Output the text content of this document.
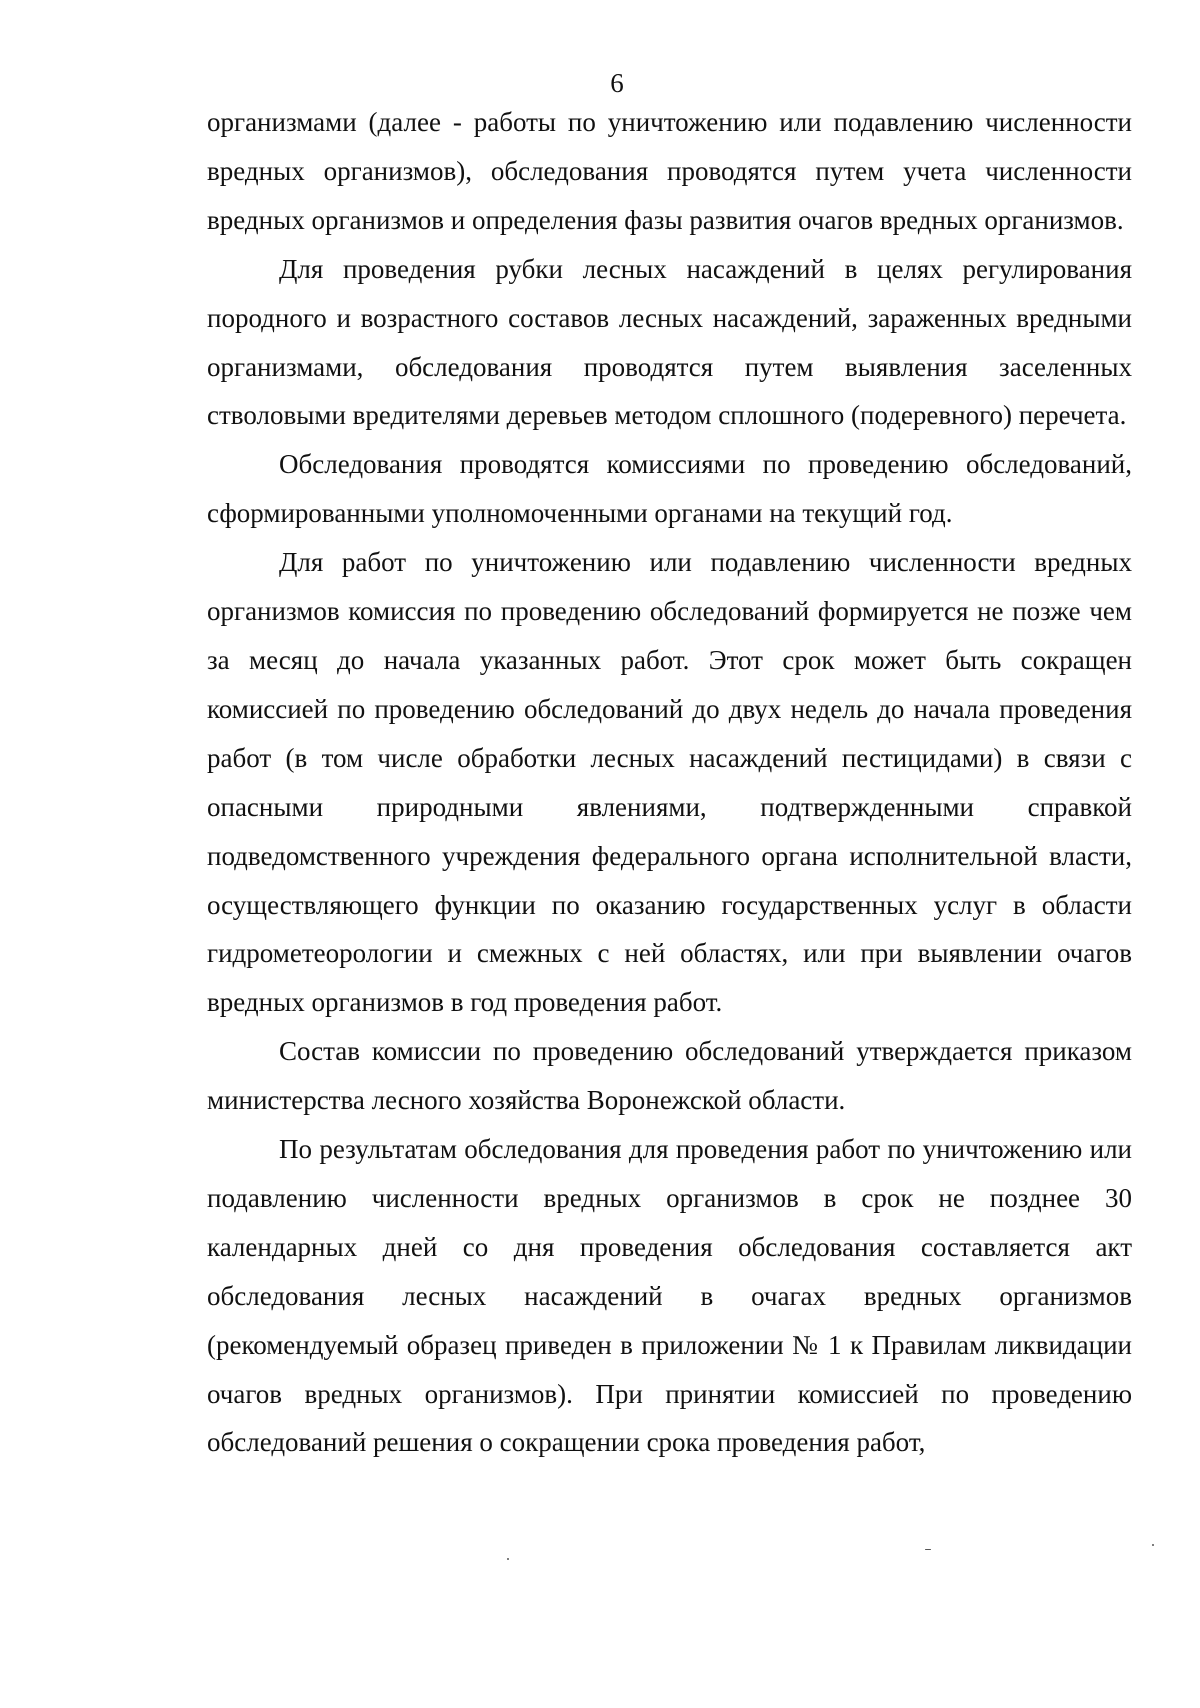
6

организмами (далее - работы по уничтожению или подавлению численности вредных организмов), обследования проводятся путем учета численности вредных организмов и определения фазы развития очагов вредных организмов.

Для проведения рубки лесных насаждений в целях регулирования породного и возрастного составов лесных насаждений, зараженных вредными организмами, обследования проводятся путем выявления заселенных стволовыми вредителями деревьев методом сплошного (подеревного) перечета.

Обследования проводятся комиссиями по проведению обследований, сформированными уполномоченными органами на текущий год.

Для работ по уничтожению или подавлению численности вредных организмов комиссия по проведению обследований формируется не позже чем за месяц до начала указанных работ. Этот срок может быть сокращен комиссией по проведению обследований до двух недель до начала проведения работ (в том числе обработки лесных насаждений пестицидами) в связи с опасными природными явлениями, подтвержденными справкой подведомственного учреждения федерального органа исполнительной власти, осуществляющего функции по оказанию государственных услуг в области гидрометеорологии и смежных с ней областях, или при выявлении очагов вредных организмов в год проведения работ.

Состав комиссии по проведению обследований утверждается приказом министерства лесного хозяйства Воронежской области.

По результатам обследования для проведения работ по уничтожению или подавлению численности вредных организмов в срок не позднее 30 календарных дней со дня проведения обследования составляется акт обследования лесных насаждений в очагах вредных организмов (рекомендуемый образец приведен в приложении № 1 к Правилам ликвидации очагов вредных организмов). При принятии комиссией по проведению обследований решения о сокращении срока проведения работ,
